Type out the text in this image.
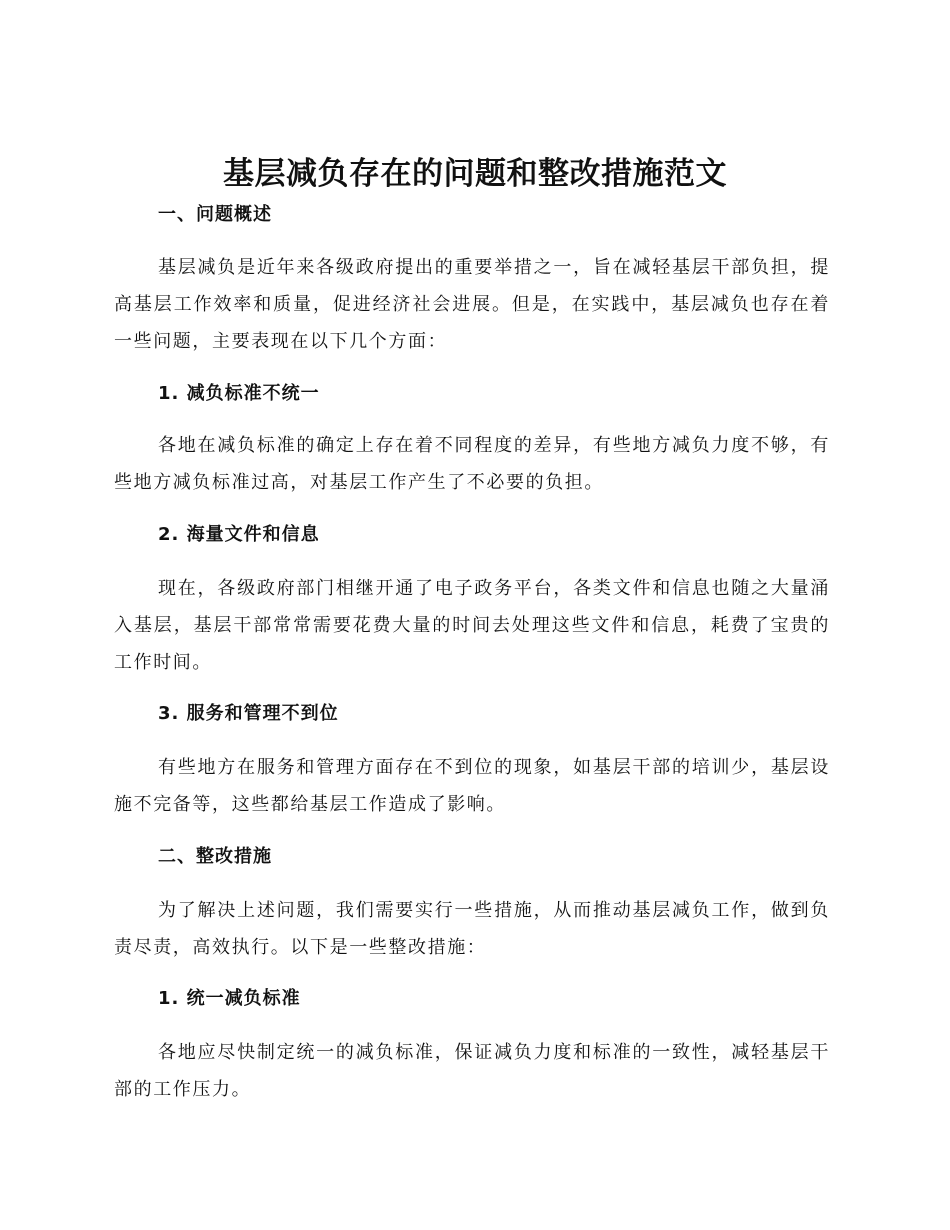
基层减负存在的问题和整改措施范文
一、问题概述
基层减负是近年来各级政府提出的重要举措之一，旨在减轻基层干部负担，提高基层工作效率和质量，促进经济社会进展。但是，在实践中，基层减负也存在着一些问题，主要表现在以下几个方面：
1. 减负标准不统一
各地在减负标准的确定上存在着不同程度的差异，有些地方减负力度不够，有些地方减负标准过高，对基层工作产生了不必要的负担。
2. 海量文件和信息
现在，各级政府部门相继开通了电子政务平台，各类文件和信息也随之大量涌入基层，基层干部常常需要花费大量的时间去处理这些文件和信息，耗费了宝贵的工作时间。
3. 服务和管理不到位
有些地方在服务和管理方面存在不到位的现象，如基层干部的培训少，基层设施不完备等，这些都给基层工作造成了影响。
二、整改措施
为了解决上述问题，我们需要实行一些措施，从而推动基层减负工作，做到负责尽责，高效执行。以下是一些整改措施：
1. 统一减负标准
各地应尽快制定统一的减负标准，保证减负力度和标准的一致性，减轻基层干部的工作压力。
